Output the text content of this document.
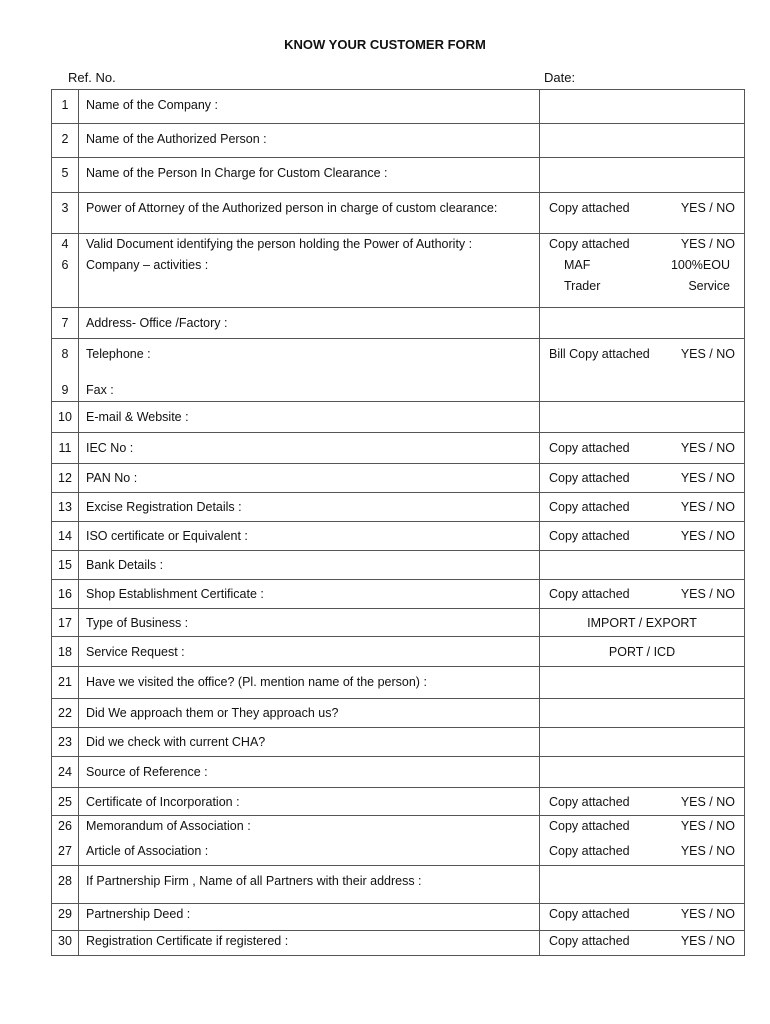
KNOW YOUR CUSTOMER FORM
Ref. No.	Date:
1	Name of the Company :	

2	Name of the Authorized Person :	

5	Name of the Person In Charge for Custom Clearance :	

3	Power of Attorney of the Authorized person in charge of custom clearance:	Copy attached YES / NO

4	Valid Document identifying the person holding the Power of Authority :	Copy attached YES / NO

6	Company – activities :	MAF 100%EOU
Trader Service

7	Address- Office /Factory :	

8	Telephone :	Bill Copy attached YES / NO

9	Fax :	

10	E-mail & Website :	

11	IEC No :	Copy attached YES / NO

12	PAN No :	Copy attached YES / NO

13	Excise Registration Details :	Copy attached YES / NO

14	ISO certificate or Equivalent :	Copy attached YES / NO

15	Bank Details :	

16	Shop Establishment Certificate :	Copy attached YES / NO

17	Type of Business :	IMPORT / EXPORT

18	Service Request :	PORT / ICD

21	Have we visited the office? (Pl. mention name of the person) :	

22	Did We approach them or They approach us?	

23	Did we check with current CHA?	

24	Source of Reference :	

25	Certificate of Incorporation :	Copy attached YES / NO

26	Memorandum of Association :	Copy attached YES / NO

27	Article of Association :	Copy attached YES / NO

28	If Partnership Firm , Name of all Partners with their address :	

29	Partnership Deed :	Copy attached YES / NO

30	Registration Certificate if registered :	Copy attached YES / NO
